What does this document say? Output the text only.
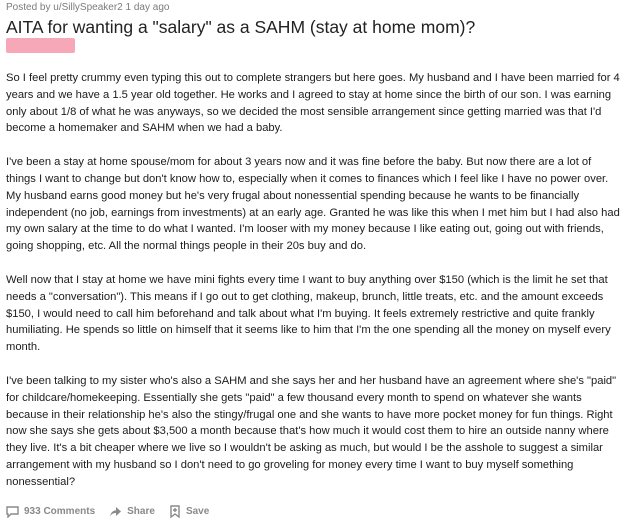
Posted by u/SillySpeaker2 1 day ago
AITA for wanting a "salary" as a SAHM (stay at home mom)?

So I feel pretty crummy even typing this out to complete strangers but here goes. My husband and I have been married for 4 years and we have a 1.5 year old together. He works and I agreed to stay at home since the birth of our son. I was earning only about 1/8 of what he was anyways, so we decided the most sensible arrangement since getting married was that I'd become a homemaker and SAHM when we had a baby.

I've been a stay at home spouse/mom for about 3 years now and it was fine before the baby. But now there are a lot of things I want to change but don't know how to, especially when it comes to finances which I feel like I have no power over. My husband earns good money but he's very frugal about nonessential spending because he wants to be financially independent (no job, earnings from investments) at an early age. Granted he was like this when I met him but I had also had my own salary at the time to do what I wanted. I'm looser with my money because I like eating out, going out with friends, going shopping, etc. All the normal things people in their 20s buy and do.

Well now that I stay at home we have mini fights every time I want to buy anything over $150 (which is the limit he set that needs a "conversation"). This means if I go out to get clothing, makeup, brunch, little treats, etc. and the amount exceeds $150, I would need to call him beforehand and talk about what I'm buying. It feels extremely restrictive and quite frankly humiliating. He spends so little on himself that it seems like to him that I'm the one spending all the money on myself every month.

I've been talking to my sister who's also a SAHM and she says her and her husband have an agreement where she's "paid" for childcare/homekeeping. Essentially she gets "paid" a few thousand every month to spend on whatever she wants because in their relationship he's also the stingy/frugal one and she wants to have more pocket money for fun things. Right now she says she gets about $3,500 a month because that's how much it would cost them to hire an outside nanny where they live. It's a bit cheaper where we live so I wouldn't be asking as much, but would I be the asshole to suggest a similar arrangement with my husband so I don't need to go groveling for money every time I want to buy myself something nonessential?

933 Comments	Share	Save
